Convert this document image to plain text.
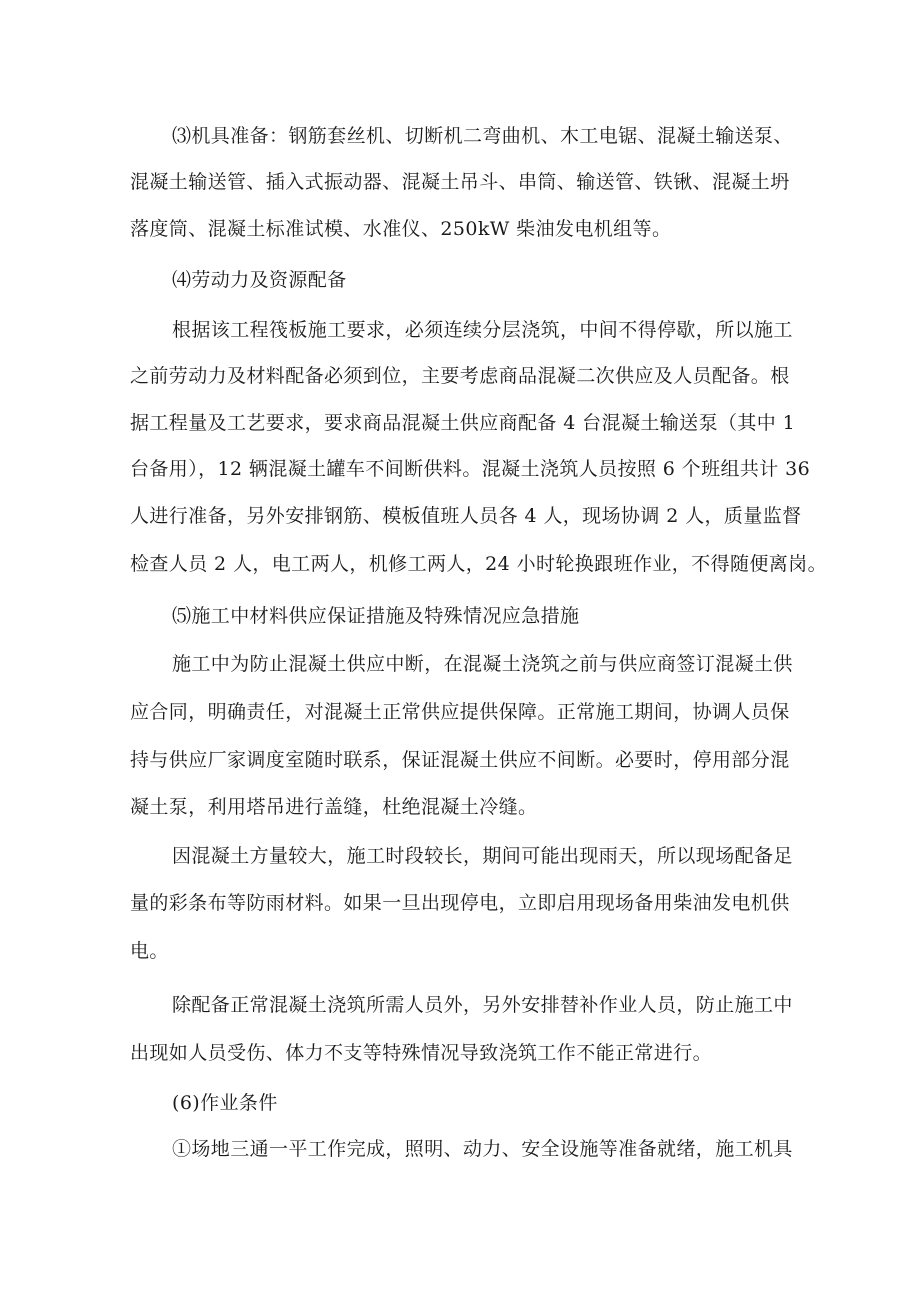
⑶机具准备：钢筋套丝机、切断机二弯曲机、木工电锯、混凝土输送泵、
混凝土输送管、插入式振动器、混凝土吊斗、串筒、输送管、铁锹、混凝土坍
落度筒、混凝土标准试模、水准仪、250kW 柴油发电机组等。
⑷劳动力及资源配备
根据该工程筏板施工要求，必须连续分层浇筑，中间不得停歇，所以施工
之前劳动力及材料配备必须到位，主要考虑商品混凝二次供应及人员配备。根
据工程量及工艺要求，要求商品混凝土供应商配备 4 台混凝土输送泵（其中 1
台备用），12 辆混凝土罐车不间断供料。混凝土浇筑人员按照 6 个班组共计 36
人进行准备，另外安排钢筋、模板值班人员各 4 人，现场协调 2 人，质量监督
检查人员 2 人，电工两人，机修工两人，24 小时轮换跟班作业，不得随便离岗。
⑸施工中材料供应保证措施及特殊情况应急措施
施工中为防止混凝土供应中断，在混凝土浇筑之前与供应商签订混凝土供
应合同，明确责任，对混凝土正常供应提供保障。正常施工期间，协调人员保
持与供应厂家调度室随时联系，保证混凝土供应不间断。必要时，停用部分混
凝土泵，利用塔吊进行盖缝，杜绝混凝土冷缝。
因混凝土方量较大，施工时段较长，期间可能出现雨天，所以现场配备足
量的彩条布等防雨材料。如果一旦出现停电，立即启用现场备用柴油发电机供
电。
除配备正常混凝土浇筑所需人员外，另外安排替补作业人员，防止施工中
出现如人员受伤、体力不支等特殊情况导致浇筑工作不能正常进行。
(6)作业条件
①场地三通一平工作完成，照明、动力、安全设施等准备就绪，施工机具
